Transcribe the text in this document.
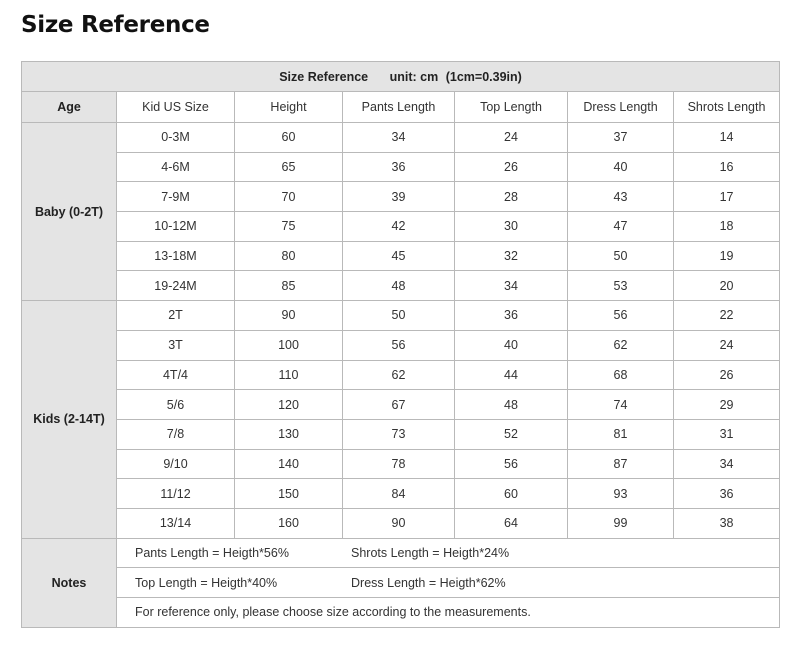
Size Reference
Size Reference unit: cm (1cm=0.39in)						
Age	Kid US Size	Height	Pants Length	Top Length	Dress Length	Shrots Length
Baby (0-2T)	0-3M	60	34	24	37	14
	4-6M	65	36	26	40	16
	7-9M	70	39	28	43	17
	10-12M	75	42	30	47	18
	13-18M	80	45	32	50	19
	19-24M	85	48	34	53	20
Kids (2-14T)	2T	90	50	36	56	22
	3T	100	56	40	62	24
	4T/4	110	62	44	68	26
	5/6	120	67	48	74	29
	7/8	130	73	52	81	31
	9/10	140	78	56	87	34
	11/12	150	84	60	93	36
	13/14	160	90	64	99	38
Notes	Pants Length = Heigth*56% Shrots Length = Heigth*24%					

	Top Length = Heigth*40% Dress Length = Heigth*62%					

	For reference only, please choose size according to the measurements.					
